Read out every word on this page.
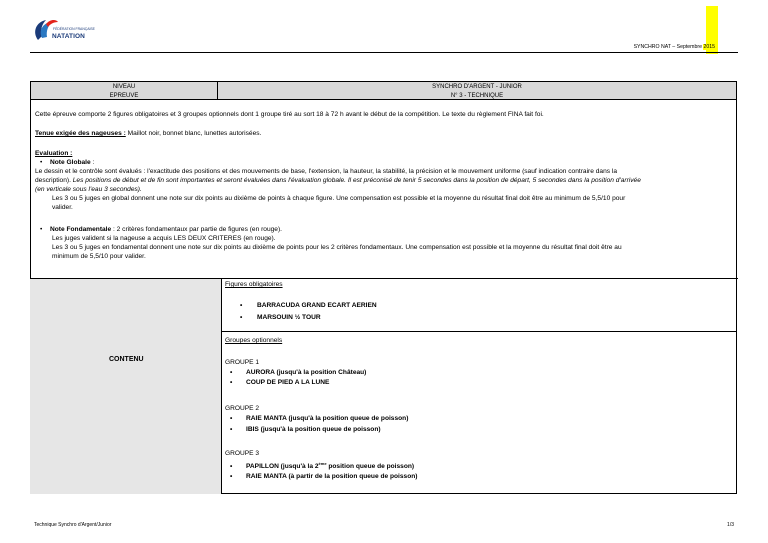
FÉDÉRATION FRANÇAISE
NATATION
SYNCHRO NAT – Septembre 2015
NIVEAU
EPREUVE
SYNCHRO D'ARGENT - JUNIOR
N° 3 - TECHNIQUE
Cette épreuve comporte 2 figures obligatoires et 3 groupes optionnels dont 1 groupe tiré au sort 18 à 72 h avant le début de la compétition. Le texte du règlement FINA fait foi.
Tenue exigée des nageuses : Maillot noir, bonnet blanc, lunettes autorisées.
Evaluation :
• Note Globale :
Le dessin et le contrôle sont évalués : l'exactitude des positions et des mouvements de base, l'extension, la hauteur, la stabilité, la précision et le mouvement uniforme (sauf indication contraire dans la
description). Les positions de début et de fin sont importantes et seront évaluées dans l'évaluation globale. Il est préconisé de tenir 5 secondes dans la position de départ, 5 secondes dans la position d'arrivée
(en verticale sous l'eau 3 secondes).
Les 3 ou 5 juges en global donnent une note sur dix points au dixième de points à chaque figure. Une compensation est possible et la moyenne du résultat final doit être au minimum de 5,5/10 pour
valider.
• Note Fondamentale : 2 critères fondamentaux par partie de figures (en rouge).
Les juges valident si la nageuse a acquis LES DEUX CRITERES (en rouge).
Les 3 ou 5 juges en fondamental donnent une note sur dix points au dixième de points pour les 2 critères fondamentaux. Une compensation est possible et la moyenne du résultat final doit être au
minimum de 5,5/10 pour valider.
CONTENU
Figures obligatoires
• BARRACUDA GRAND ECART AERIEN
• MARSOUIN ½ TOUR
Groupes optionnels
GROUPE 1
• AURORA (jusqu'à la position Château)
• COUP DE PIED A LA LUNE
GROUPE 2
• RAIE MANTA (jusqu'à la position queue de poisson)
• IBIS (jusqu'à la position queue de poisson)
GROUPE 3
• PAPILLON (jusqu'à la 2ème position queue de poisson)
• RAIE MANTA (à partir de la position queue de poisson)
Technique Synchro d'Argent/Junior	1/3
